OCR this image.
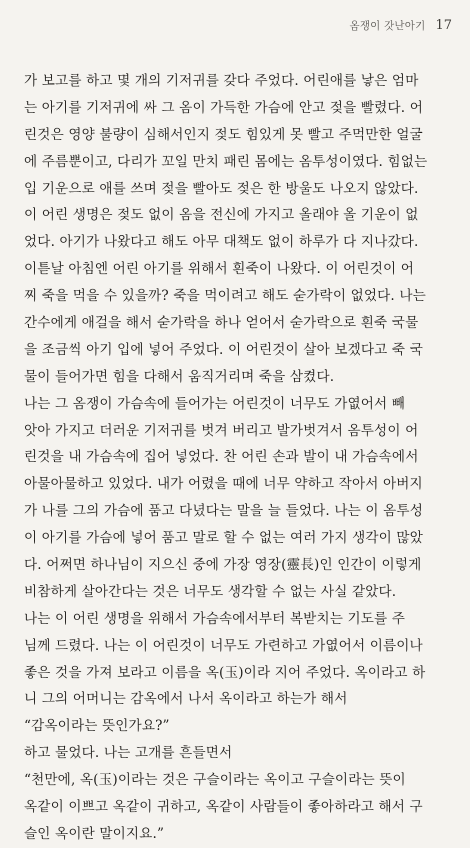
옴쟁이 갓난아기 17
가 보고를 하고 몇 개의 기저귀를 갖다 주었다. 어린애를 낳은 엄마
는 아기를 기저귀에 싸 그 옴이 가득한 가슴에 안고 젖을 빨렸다. 어
린것은 영양 불량이 심해서인지 젖도 힘있게 못 빨고 주먹만한 얼굴
에 주름뿐이고, 다리가 꼬일 만치 패린 몸에는 옴투성이였다. 힘없는
입 기운으로 애를 쓰며 젖을 빨아도 젖은 한 방울도 나오지 않았다.
이 어린 생명은 젖도 없이 옴을 전신에 가지고 올래야 올 기운이 없
었다. 아기가 나왔다고 해도 아무 대책도 없이 하루가 다 지나갔다.
이튿날 아침엔 어린 아기를 위해서 흰죽이 나왔다. 이 어린것이 어
찌 죽을 먹을 수 있을까? 죽을 먹이려고 해도 숟가락이 없었다. 나는
간수에게 애걸을 해서 숟가락을 하나 얻어서 숟가락으로 흰죽 국물
을 조금씩 아기 입에 넣어 주었다. 이 어린것이 살아 보겠다고 죽 국
물이 들어가면 힘을 다해서 움직거리며 죽을 삼켰다.
나는 그 옴쟁이 가슴속에 들어가는 어린것이 너무도 가엾어서 빼
앗아 가지고 더러운 기저귀를 벗겨 버리고 발가벗겨서 옴투성이 어
린것을 내 가슴속에 집어 넣었다. 찬 어린 손과 발이 내 가슴속에서
아물아물하고 있었다. 내가 어렸을 때에 너무 약하고 작아서 아버지
가 나를 그의 가슴에 품고 다녔다는 말을 늘 들었다. 나는 이 옴투성
이 아기를 가슴에 넣어 품고 말로 할 수 없는 여러 가지 생각이 많았
다. 어쩌면 하나님이 지으신 중에 가장 영장(靈長)인 인간이 이렇게
비참하게 살아간다는 것은 너무도 생각할 수 없는 사실 같았다.
나는 이 어린 생명을 위해서 가슴속에서부터 복받치는 기도를 주
님께 드렸다. 나는 이 어린것이 너무도 가련하고 가엾어서 이름이나
좋은 것을 가져 보라고 이름을 옥(玉)이라 지어 주었다. 옥이라고 하
니 그의 어머니는 감옥에서 나서 옥이라고 하는가 해서
“감옥이라는 뜻인가요?”
하고 물었다. 나는 고개를 흔들면서
“천만에, 옥(玉)이라는 것은 구슬이라는 옥이고 구슬이라는 뜻이
옥같이 이쁘고 옥같이 귀하고, 옥같이 사람들이 좋아하라고 해서 구
슬인 옥이란 말이지요.”
